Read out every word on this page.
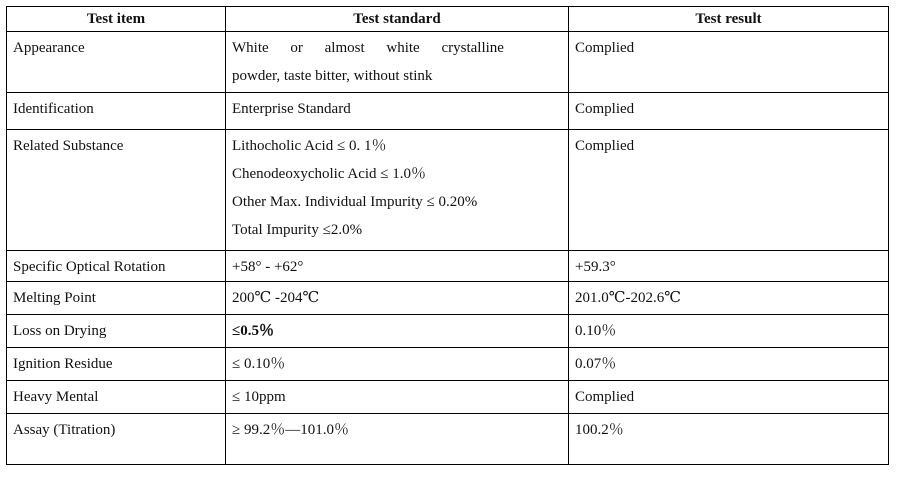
Test item	Test standard	Test result
Appearance	White or almost white crystalline
powder, taste bitter, without stink	Complied
Identification	Enterprise Standard	Complied
Related Substance	Lithocholic Acid ≤ 0. 1％
Chenodeoxycholic Acid ≤ 1.0％
Other Max. Individual Impurity ≤ 0.20%
Total Impurity ≤2.0%	Complied
Specific Optical Rotation	+58° - +62°	+59.3°
Melting Point	200℃ -204℃	201.0℃-202.6℃
Loss on Drying	≤0.5％	0.10％
Ignition Residue	≤ 0.10％	0.07％
Heavy Mental	≤ 10ppm	Complied
Assay (Titration)	≥ 99.2％—101.0％	100.2％
